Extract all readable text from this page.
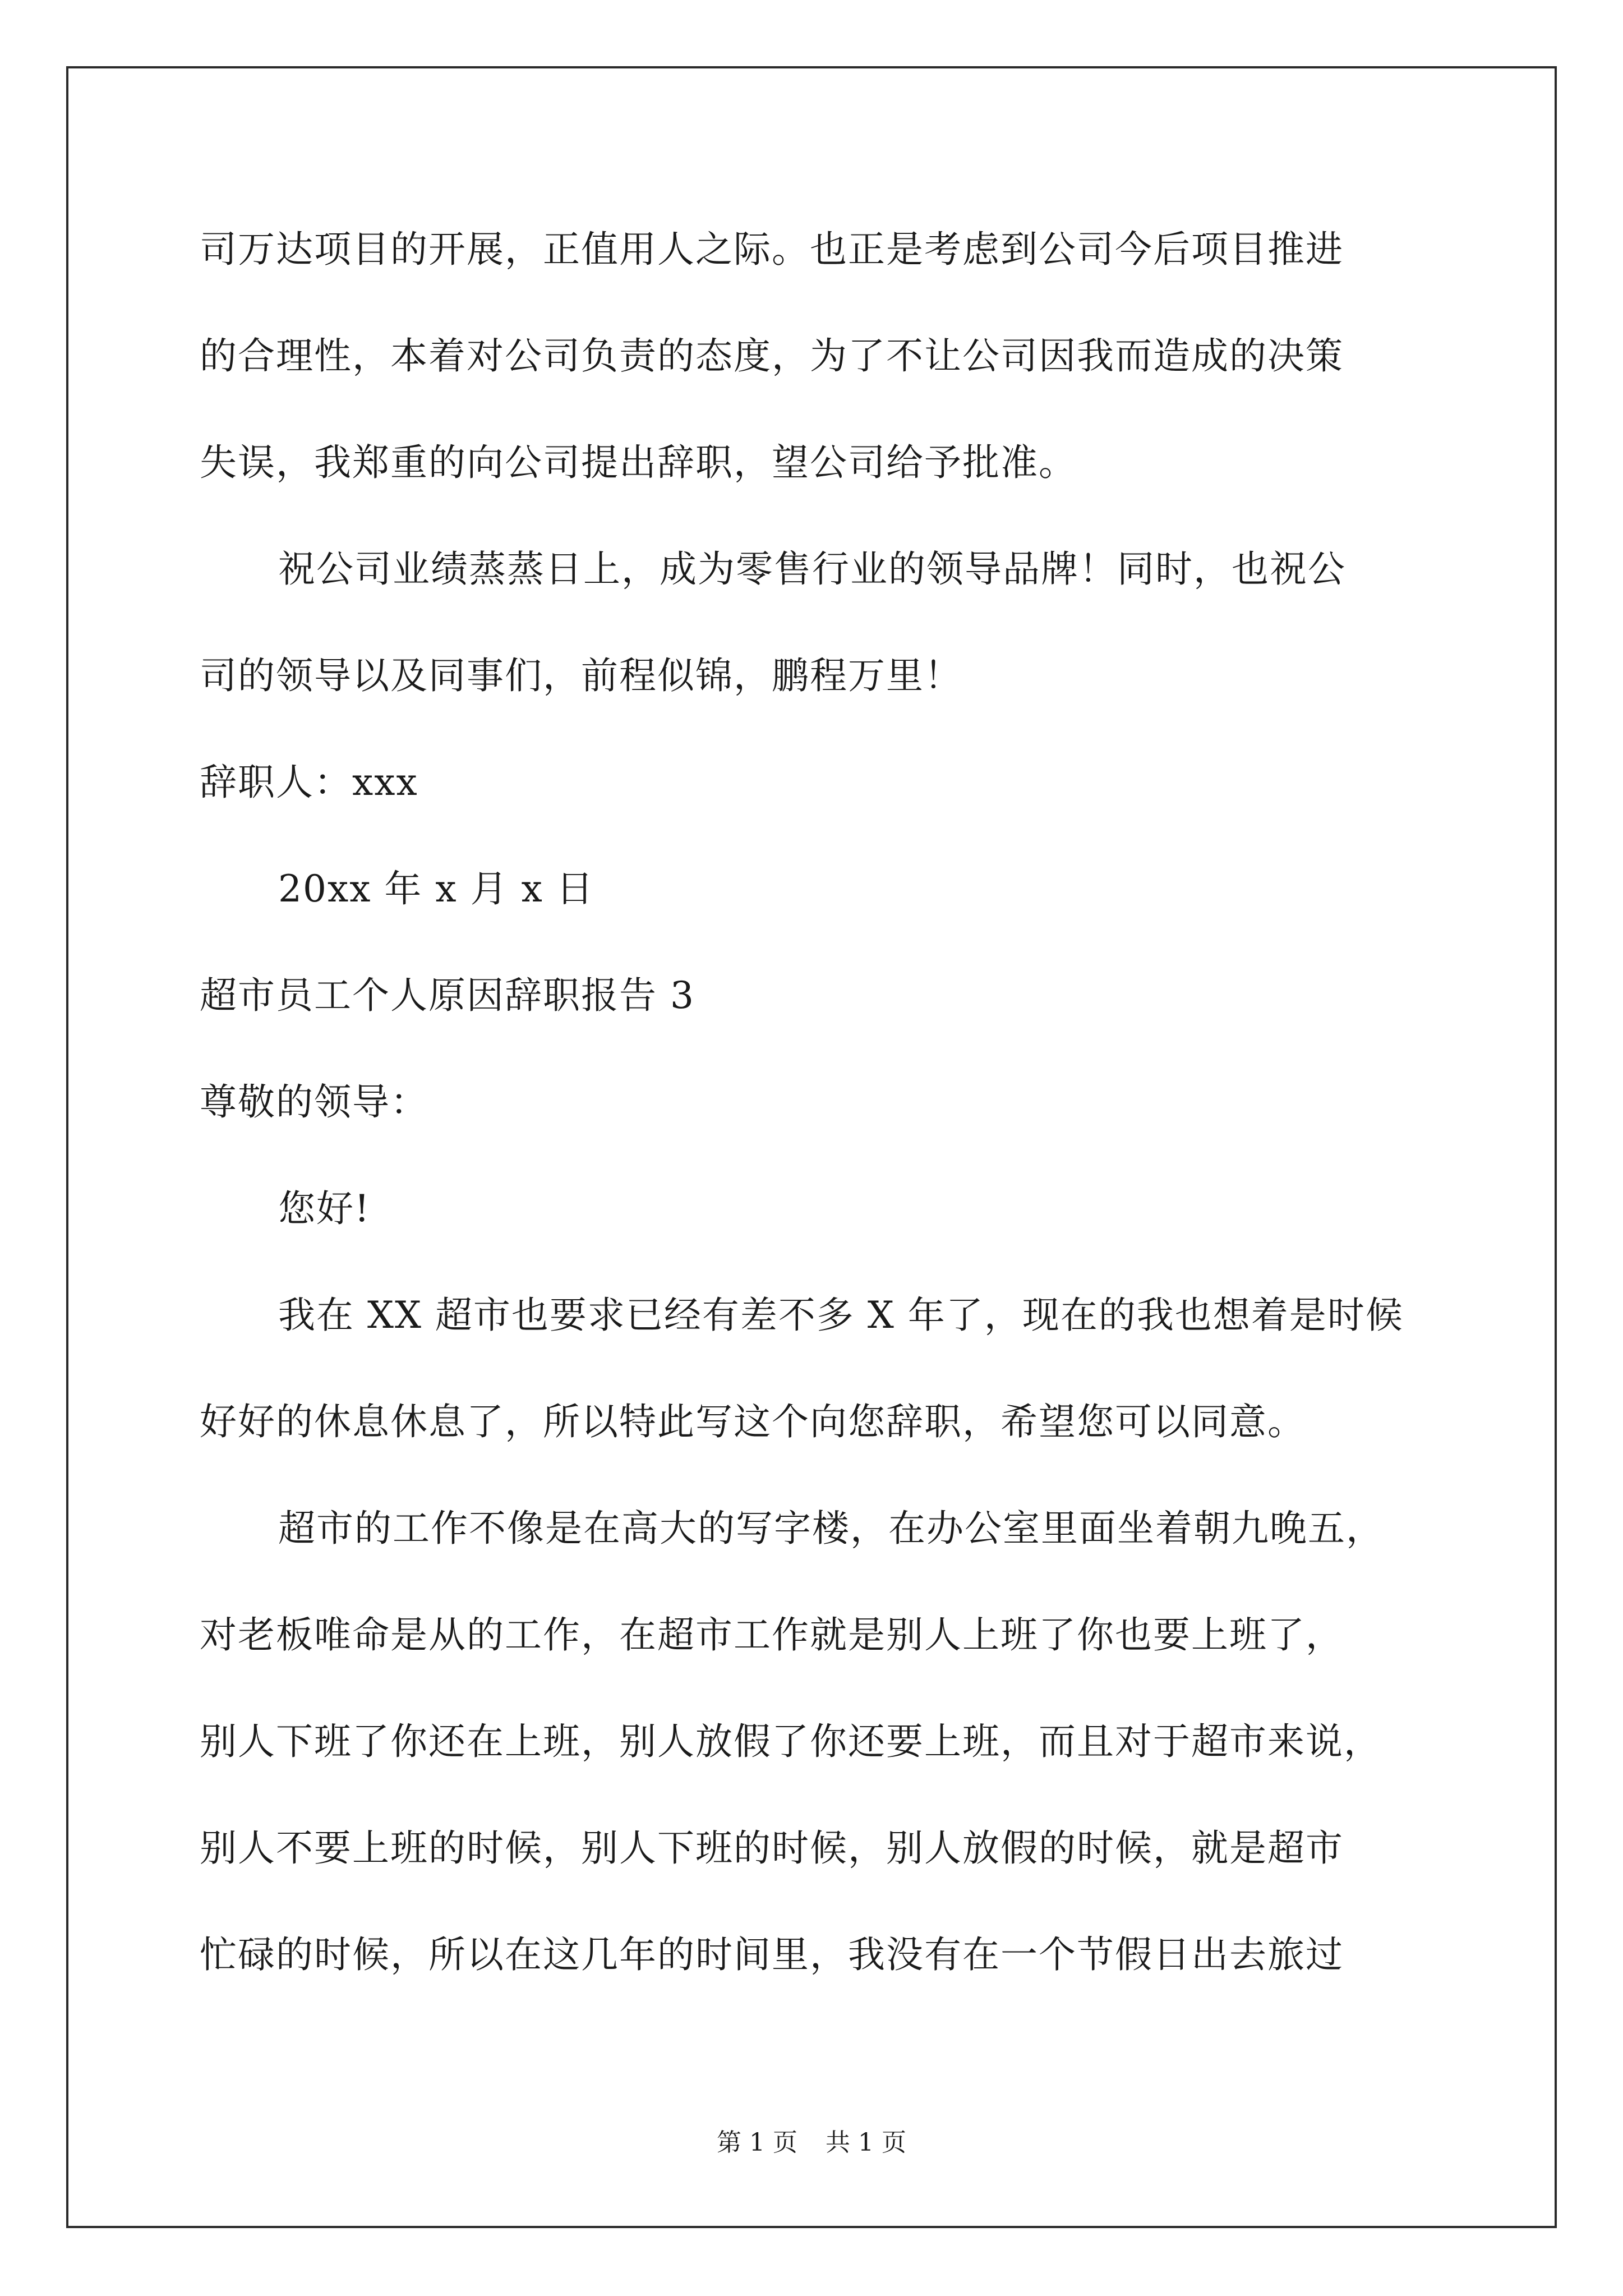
司万达项目的开展，正值用人之际。也正是考虑到公司今后项目推进
的合理性，本着对公司负责的态度，为了不让公司因我而造成的决策
失误，我郑重的向公司提出辞职，望公司给予批准。
祝公司业绩蒸蒸日上，成为零售行业的领导品牌！同时，也祝公
司的领导以及同事们，前程似锦，鹏程万里！
辞职人：xxx
20xx 年 x 月 x 日
超市员工个人原因辞职报告 3
尊敬的领导：
您好!
我在 XX 超市也要求已经有差不多 X 年了，现在的我也想着是时候
好好的休息休息了，所以特此写这个向您辞职，希望您可以同意。
超市的工作不像是在高大的写字楼，在办公室里面坐着朝九晚五，
对老板唯命是从的工作，在超市工作就是别人上班了你也要上班了，
别人下班了你还在上班，别人放假了你还要上班，而且对于超市来说，
别人不要上班的时候，别人下班的时候，别人放假的时候，就是超市
忙碌的时候，所以在这几年的时间里，我没有在一个节假日出去旅过
第 1 页 共 1 页
